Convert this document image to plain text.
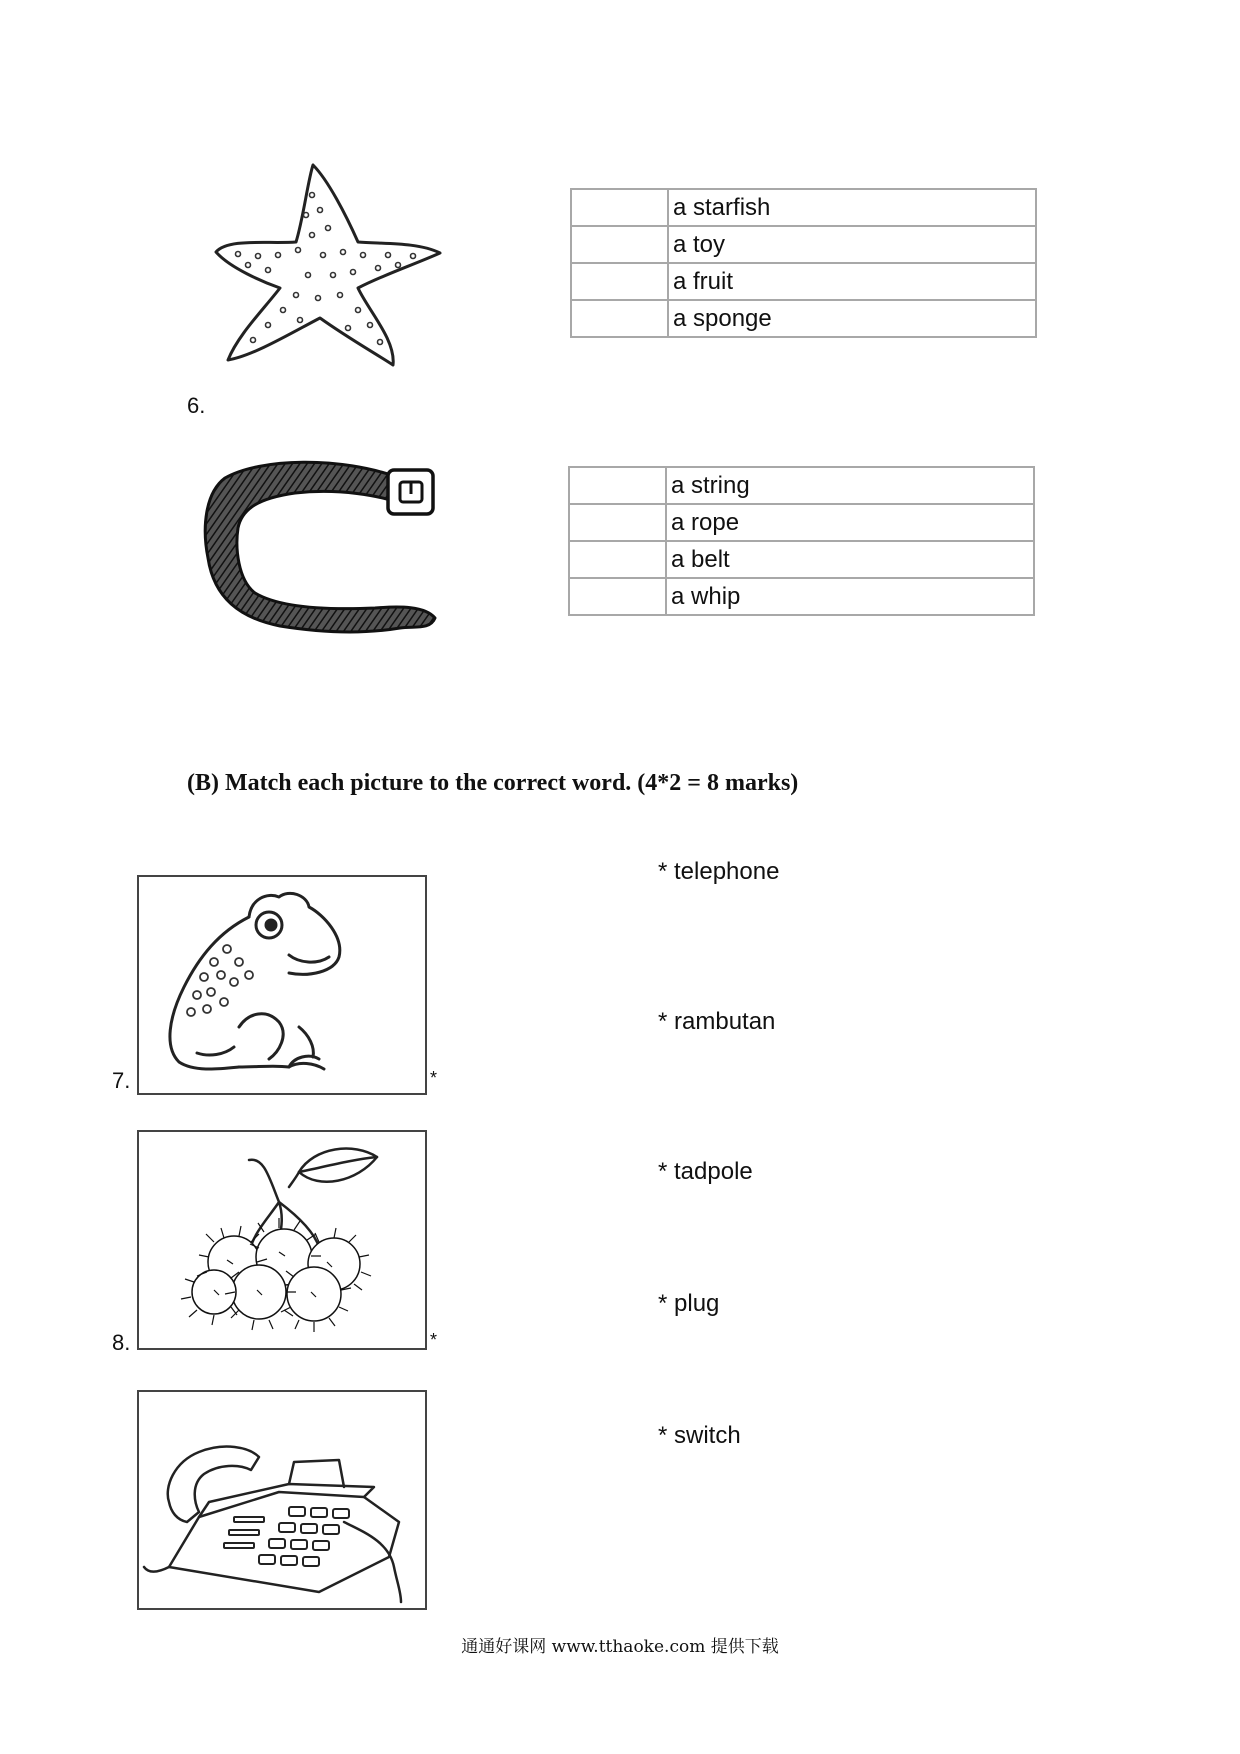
	a starfish
	a toy
	a fruit
	a sponge
6.
	a string
	a rope
	a belt
	a whip
(B) Match each picture to the correct word. (4*2 = 8 marks)
7.	*
8.	*
* telephone
* rambutan
* tadpole
* plug
* switch
通通好课网 www.tthaoke.com 提供下载
